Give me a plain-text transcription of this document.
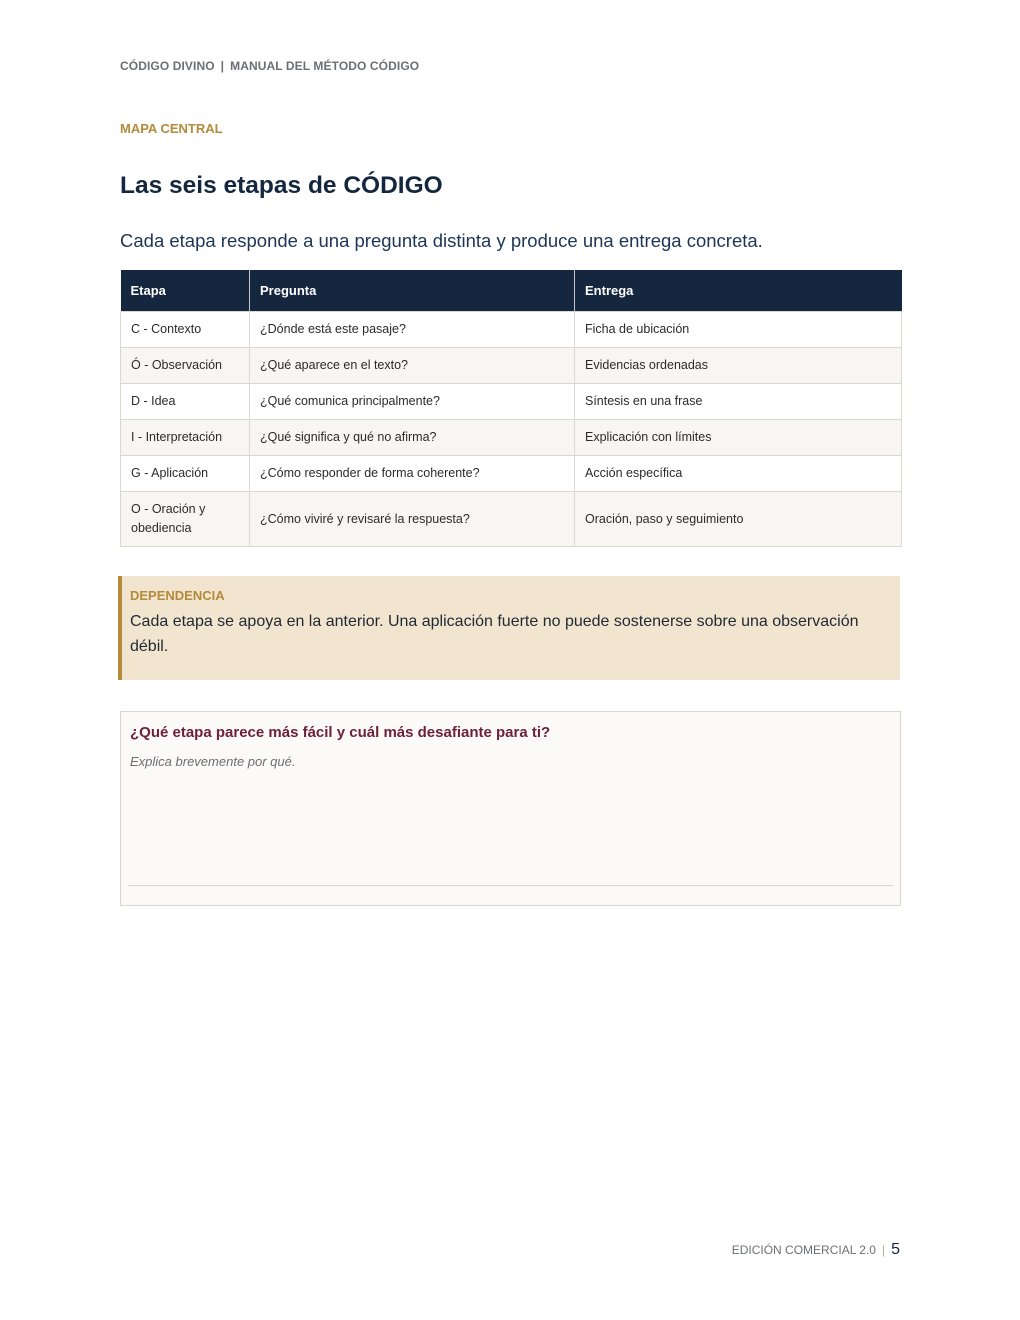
CÓDIGO DIVINO | MANUAL DEL MÉTODO CÓDIGO
MAPA CENTRAL
Las seis etapas de CÓDIGO

Cada etapa responde a una pregunta distinta y produce una entrega concreta.

Etapa	Pregunta	Entrega
C - Contexto	¿Dónde está este pasaje?	Ficha de ubicación
Ó - Observación	¿Qué aparece en el texto?	Evidencias ordenadas
D - Idea	¿Qué comunica principalmente?	Síntesis en una frase
I - Interpretación	¿Qué significa y qué no afirma?	Explicación con límites
G - Aplicación	¿Cómo responder de forma coherente?	Acción específica
O - Oración y obediencia	¿Cómo viviré y revisaré la respuesta?	Oración, paso y seguimiento
DEPENDENCIA
Cada etapa se apoya en la anterior. Una aplicación fuerte no puede sostenerse sobre una observación débil.
¿Qué etapa parece más fácil y cuál más desafiante para ti?
Explica brevemente por qué.
EDICIÓN COMERCIAL 2.0 | 5
